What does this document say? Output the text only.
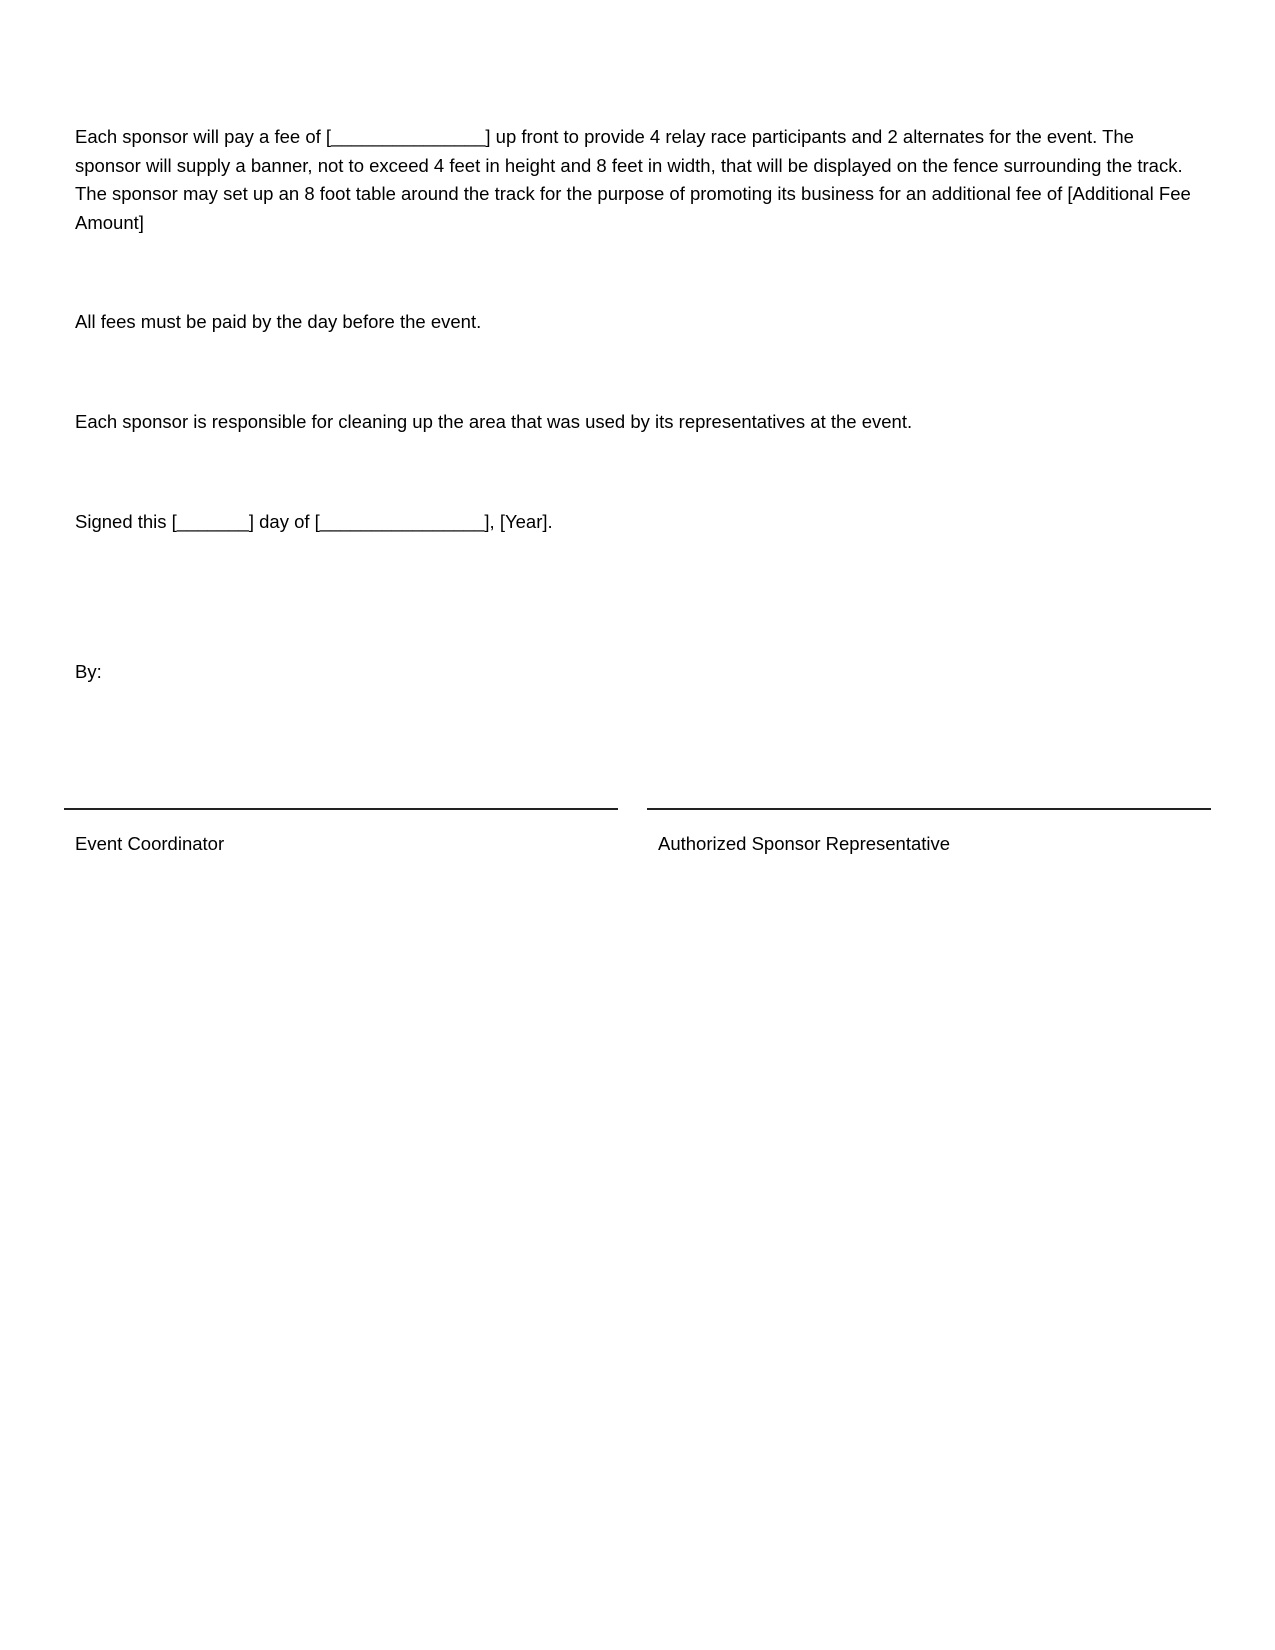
Each sponsor will pay a fee of [_______________] up front to provide 4 relay race participants and 2 alternates for the event. The sponsor will supply a banner, not to exceed 4 feet in height and 8 feet in width, that will be displayed on the fence surrounding the track. The sponsor may set up an 8 foot table around the track for the purpose of promoting its business for an additional fee of [Additional Fee Amount]

All fees must be paid by the day before the event.

Each sponsor is responsible for cleaning up the area that was used by its representatives at the event.

Signed this [_______] day of [________________], [Year].

By:

Event Coordinator	Authorized Sponsor Representative
